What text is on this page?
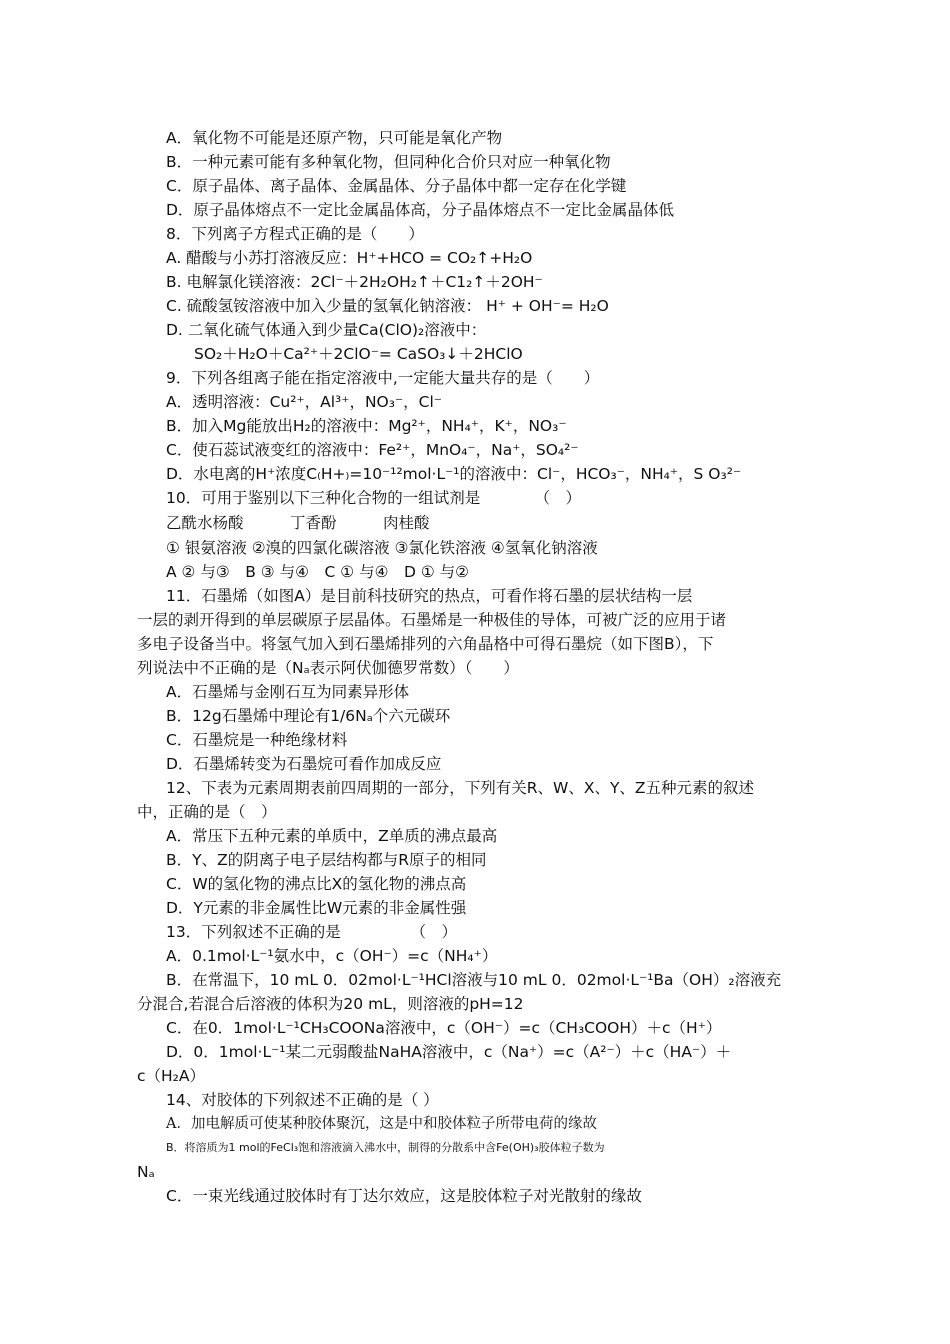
A．氧化物不可能是还原产物，只可能是氧化产物
B．一种元素可能有多种氧化物，但同种化合价只对应一种氧化物
C．原子晶体、离子晶体、金属晶体、分子晶体中都一定存在化学键
D．原子晶体熔点不一定比金属晶体高，分子晶体熔点不一定比金属晶体低
8．下列离子方程式正确的是（　　）
A. 醋酸与小苏打溶液反应：H⁺+HCO = CO₂↑+H₂O
B. 电解氯化镁溶液：2Cl⁻＋2H₂OH₂↑＋C1₂↑＋2OH⁻
C. 硫酸氢铵溶液中加入少量的氢氧化钠溶液： H⁺ + OH⁻= H₂O
D. 二氧化硫气体通入到少量Ca(ClO)₂溶液中：
SO₂＋H₂O＋Ca²⁺＋2ClO⁻= CaSO₃↓＋2HClO
9．下列各组离子能在指定溶液中,一定能大量共存的是（　　）
A．透明溶液：Cu²⁺，Al³⁺，NO₃⁻，Cl⁻
B．加入Mg能放出H₂的溶液中：Mg²⁺，NH₄⁺，K⁺，NO₃⁻
C．使石蕊试液变红的溶液中：Fe²⁺，MnO₄⁻，Na⁺，SO₄²⁻
D．水电离的H⁺浓度C₍H+₎=10⁻¹²mol·L⁻¹的溶液中：Cl⁻，HCO₃⁻，NH₄⁺，S O₃²⁻
10．可用于鉴别以下三种化合物的一组试剂是　　　　（　）
乙酰水杨酸　　　丁香酚　　　肉桂酸
① 银氨溶液 ②溴的四氯化碳溶液 ③氯化铁溶液 ④氢氧化钠溶液
A ② 与③　B ③ 与④　C ① 与④　D ① 与②
11．石墨烯（如图A）是目前科技研究的热点，可看作将石墨的层状结构一层
一层的剥开得到的单层碳原子层晶体。石墨烯是一种极佳的导体，可被广泛的应用于诸
多电子设备当中。将氢气加入到石墨烯排列的六角晶格中可得石墨烷（如下图B），下
列说法中不正确的是（Nₐ表示阿伏伽德罗常数）（　　）
A．石墨烯与金刚石互为同素异形体
B．12g石墨烯中理论有1/6Nₐ个六元碳环
C．石墨烷是一种绝缘材料
D．石墨烯转变为石墨烷可看作加成反应
12、下表为元素周期表前四周期的一部分，下列有关R、W、X、Y、Z五种元素的叙述
中，正确的是（　）
A．常压下五种元素的单质中，Z单质的沸点最高
B．Y、Z的阴离子电子层结构都与R原子的相同
C．W的氢化物的沸点比X的氢化物的沸点高
D．Y元素的非金属性比W元素的非金属性强
13．下列叙述不正确的是　　　　　（　）
A．0.1mol·L⁻¹氨水中，c（OH⁻）=c（NH₄⁺）
B．在常温下，10 mL 0．02mol·L⁻¹HCl溶液与10 mL 0．02mol·L⁻¹Ba（OH）₂溶液充
分混合,若混合后溶液的体积为20 mL，则溶液的pH=12
C．在0．1mol·L⁻¹CH₃COONa溶液中，c（OH⁻）=c（CH₃COOH）＋c（H⁺）
D．0．1mol·L⁻¹某二元弱酸盐NaHA溶液中，c（Na⁺）=c（A²⁻）＋c（HA⁻）＋
c（H₂A）
14、对胶体的下列叙述不正确的是（ ）
A．加电解质可使某种胶体聚沉，这是中和胶体粒子所带电荷的缘故
B．将溶质为1 mol的FeCl₃饱和溶液滴入沸水中，制得的分散系中含Fe(OH)₃胶体粒子数为
Nₐ
C．一束光线通过胶体时有丁达尔效应，这是胶体粒子对光散射的缘故
